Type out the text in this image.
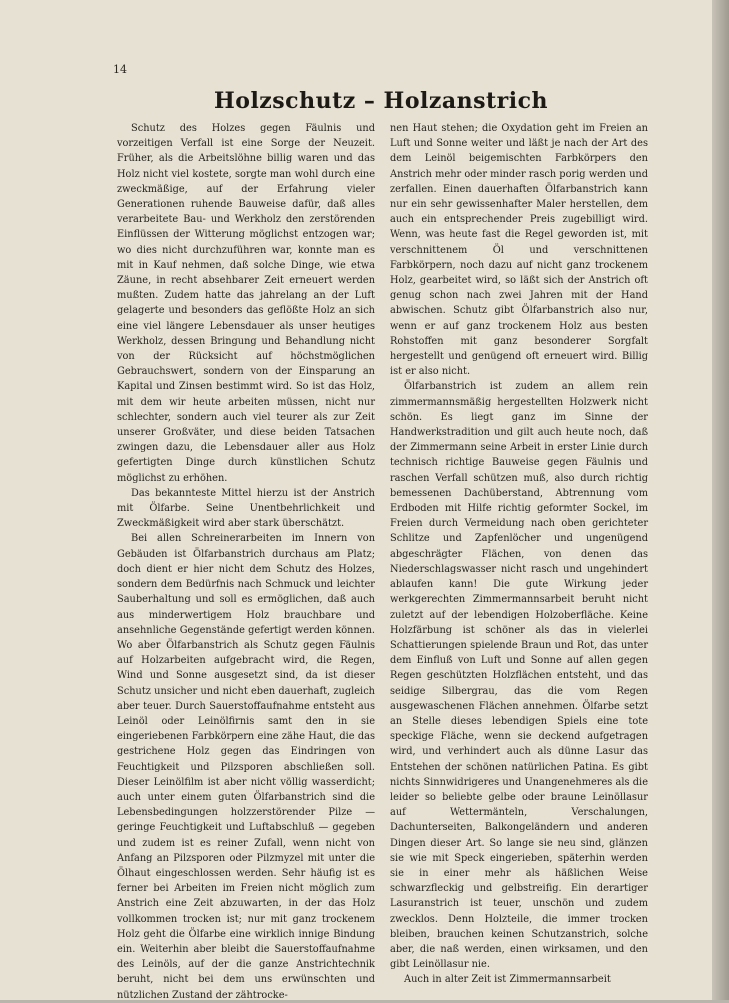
14
Holzschutz – Holzanstrich

Schutz des Holzes gegen Fäulnis und vorzeitigen Verfall ist eine Sorge der Neuzeit. Früher, als die Arbeitslöhne billig waren und das Holz nicht viel kostete, sorgte man wohl durch eine zweckmäßige, auf der Erfahrung vieler Generationen ruhende Bauweise dafür, daß alles verarbeitete Bau- und Werkholz den zerstörenden Einflüssen der Witterung möglichst entzogen war; wo dies nicht durchzuführen war, konnte man es mit in Kauf nehmen, daß solche Dinge, wie etwa Zäune, in recht absehbarer Zeit erneuert werden mußten. Zudem hatte das jahrelang an der Luft gelagerte und besonders das geflößte Holz an sich eine viel längere Lebensdauer als unser heutiges Werkholz, dessen Bringung und Behandlung nicht von der Rücksicht auf höchstmöglichen Gebrauchswert, sondern von der Einsparung an Kapital und Zinsen bestimmt wird. So ist das Holz, mit dem wir heute arbeiten müssen, nicht nur schlechter, sondern auch viel teurer als zur Zeit unserer Großväter, und diese beiden Tatsachen zwingen dazu, die Lebensdauer aller aus Holz gefertigten Dinge durch künstlichen Schutz möglichst zu erhöhen.

Das bekannteste Mittel hierzu ist der Anstrich mit Ölfarbe. Seine Unentbehrlichkeit und Zweckmäßigkeit wird aber stark überschätzt.

Bei allen Schreinerarbeiten im Innern von Gebäuden ist Ölfarbanstrich durchaus am Platz; doch dient er hier nicht dem Schutz des Holzes, sondern dem Bedürfnis nach Schmuck und leichter Sauberhaltung und soll es ermöglichen, daß auch aus minderwertigem Holz brauchbare und ansehnliche Gegenstände gefertigt werden können. Wo aber Ölfarbanstrich als Schutz gegen Fäulnis auf Holzarbeiten aufgebracht wird, die Regen, Wind und Sonne ausgesetzt sind, da ist dieser Schutz unsicher und nicht eben dauerhaft, zugleich aber teuer. Durch Sauerstoffaufnahme entsteht aus Leinöl oder Leinölfirnis samt den in sie eingeriebenen Farbkörpern eine zähe Haut, die das gestrichene Holz gegen das Eindringen von Feuchtigkeit und Pilzsporen abschließen soll. Dieser Leinölfilm ist aber nicht völlig wasserdicht; auch unter einem guten Ölfarbanstrich sind die Lebensbedingungen holzzerstörender Pilze — geringe Feuchtigkeit und Luftabschluß — gegeben und zudem ist es reiner Zufall, wenn nicht von Anfang an Pilzsporen oder Pilzmyzel mit unter die Ölhaut eingeschlossen werden. Sehr häufig ist es ferner bei Arbeiten im Freien nicht möglich zum Anstrich eine Zeit abzuwarten, in der das Holz vollkommen trocken ist; nur mit ganz trockenem Holz geht die Ölfarbe eine wirklich innige Bindung ein. Weiterhin aber bleibt die Sauerstoffaufnahme des Leinöls, auf der die ganze Anstrichtechnik beruht, nicht bei dem uns erwünschten und nützlichen Zustand der zähtrocke-

nen Haut stehen; die Oxydation geht im Freien an Luft und Sonne weiter und läßt je nach der Art des dem Leinöl beigemischten Farbkörpers den Anstrich mehr oder minder rasch porig werden und zerfallen. Einen dauerhaften Ölfarbanstrich kann nur ein sehr gewissenhafter Maler herstellen, dem auch ein entsprechender Preis zugebilligt wird. Wenn, was heute fast die Regel geworden ist, mit verschnittenem Öl und verschnittenen Farbkörpern, noch dazu auf nicht ganz trockenem Holz, gearbeitet wird, so läßt sich der Anstrich oft genug schon nach zwei Jahren mit der Hand abwischen. Schutz gibt Ölfarbanstrich also nur, wenn er auf ganz trockenem Holz aus besten Rohstoffen mit ganz besonderer Sorgfalt hergestellt und genügend oft erneuert wird. Billig ist er also nicht.

Ölfarbanstrich ist zudem an allem rein zimmermannsmäßig hergestellten Holzwerk nicht schön. Es liegt ganz im Sinne der Handwerkstradition und gilt auch heute noch, daß der Zimmermann seine Arbeit in erster Linie durch technisch richtige Bauweise gegen Fäulnis und raschen Verfall schützen muß, also durch richtig bemessenen Dachüberstand, Abtrennung vom Erdboden mit Hilfe richtig geformter Sockel, im Freien durch Vermeidung nach oben gerichteter Schlitze und Zapfenlöcher und ungenügend abgeschrägter Flächen, von denen das Niederschlagswasser nicht rasch und ungehindert ablaufen kann! Die gute Wirkung jeder werkgerechten Zimmermannsarbeit beruht nicht zuletzt auf der lebendigen Holzoberfläche. Keine Holzfärbung ist schöner als das in vielerlei Schattierungen spielende Braun und Rot, das unter dem Einfluß von Luft und Sonne auf allen gegen Regen geschützten Holzflächen entsteht, und das seidige Silbergrau, das die vom Regen ausgewaschenen Flächen annehmen. Ölfarbe setzt an Stelle dieses lebendigen Spiels eine tote speckige Fläche, wenn sie deckend aufgetragen wird, und verhindert auch als dünne Lasur das Entstehen der schönen natürlichen Patina. Es gibt nichts Sinnwidrigeres und Unangenehmeres als die leider so beliebte gelbe oder braune Leinöllasur auf Wettermänteln, Verschalungen, Dachunterseiten, Balkongeländern und anderen Dingen dieser Art. So lange sie neu sind, glänzen sie wie mit Speck eingerieben, späterhin werden sie in einer mehr als häßlichen Weise schwarzfleckig und gelbstreifig. Ein derartiger Lasuranstrich ist teuer, unschön und zudem zwecklos. Denn Holzteile, die immer trocken bleiben, brauchen keinen Schutzanstrich, solche aber, die naß werden, einen wirksamen, und den gibt Leinöllasur nie.

Auch in alter Zeit ist Zimmermannsarbeit
